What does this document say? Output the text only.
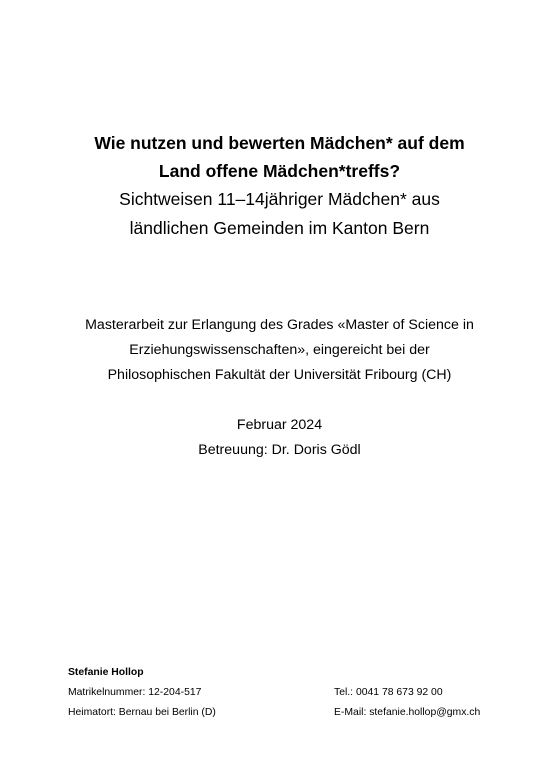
Wie nutzen und bewerten Mädchen* auf dem
Land offene Mädchen*treffs?
Sichtweisen 11–14jähriger Mädchen* aus
ländlichen Gemeinden im Kanton Bern
Masterarbeit zur Erlangung des Grades «Master of Science in
Erziehungswissenschaften», eingereicht bei der
Philosophischen Fakultät der Universität Fribourg (CH)
Februar 2024
Betreuung: Dr. Doris Gödl
Stefanie Hollop
Matrikelnummer: 12-204-517	Tel.: 0041 78 673 92 00
Heimatort: Bernau bei Berlin (D)	E-Mail: stefanie.hollop@gmx.ch
